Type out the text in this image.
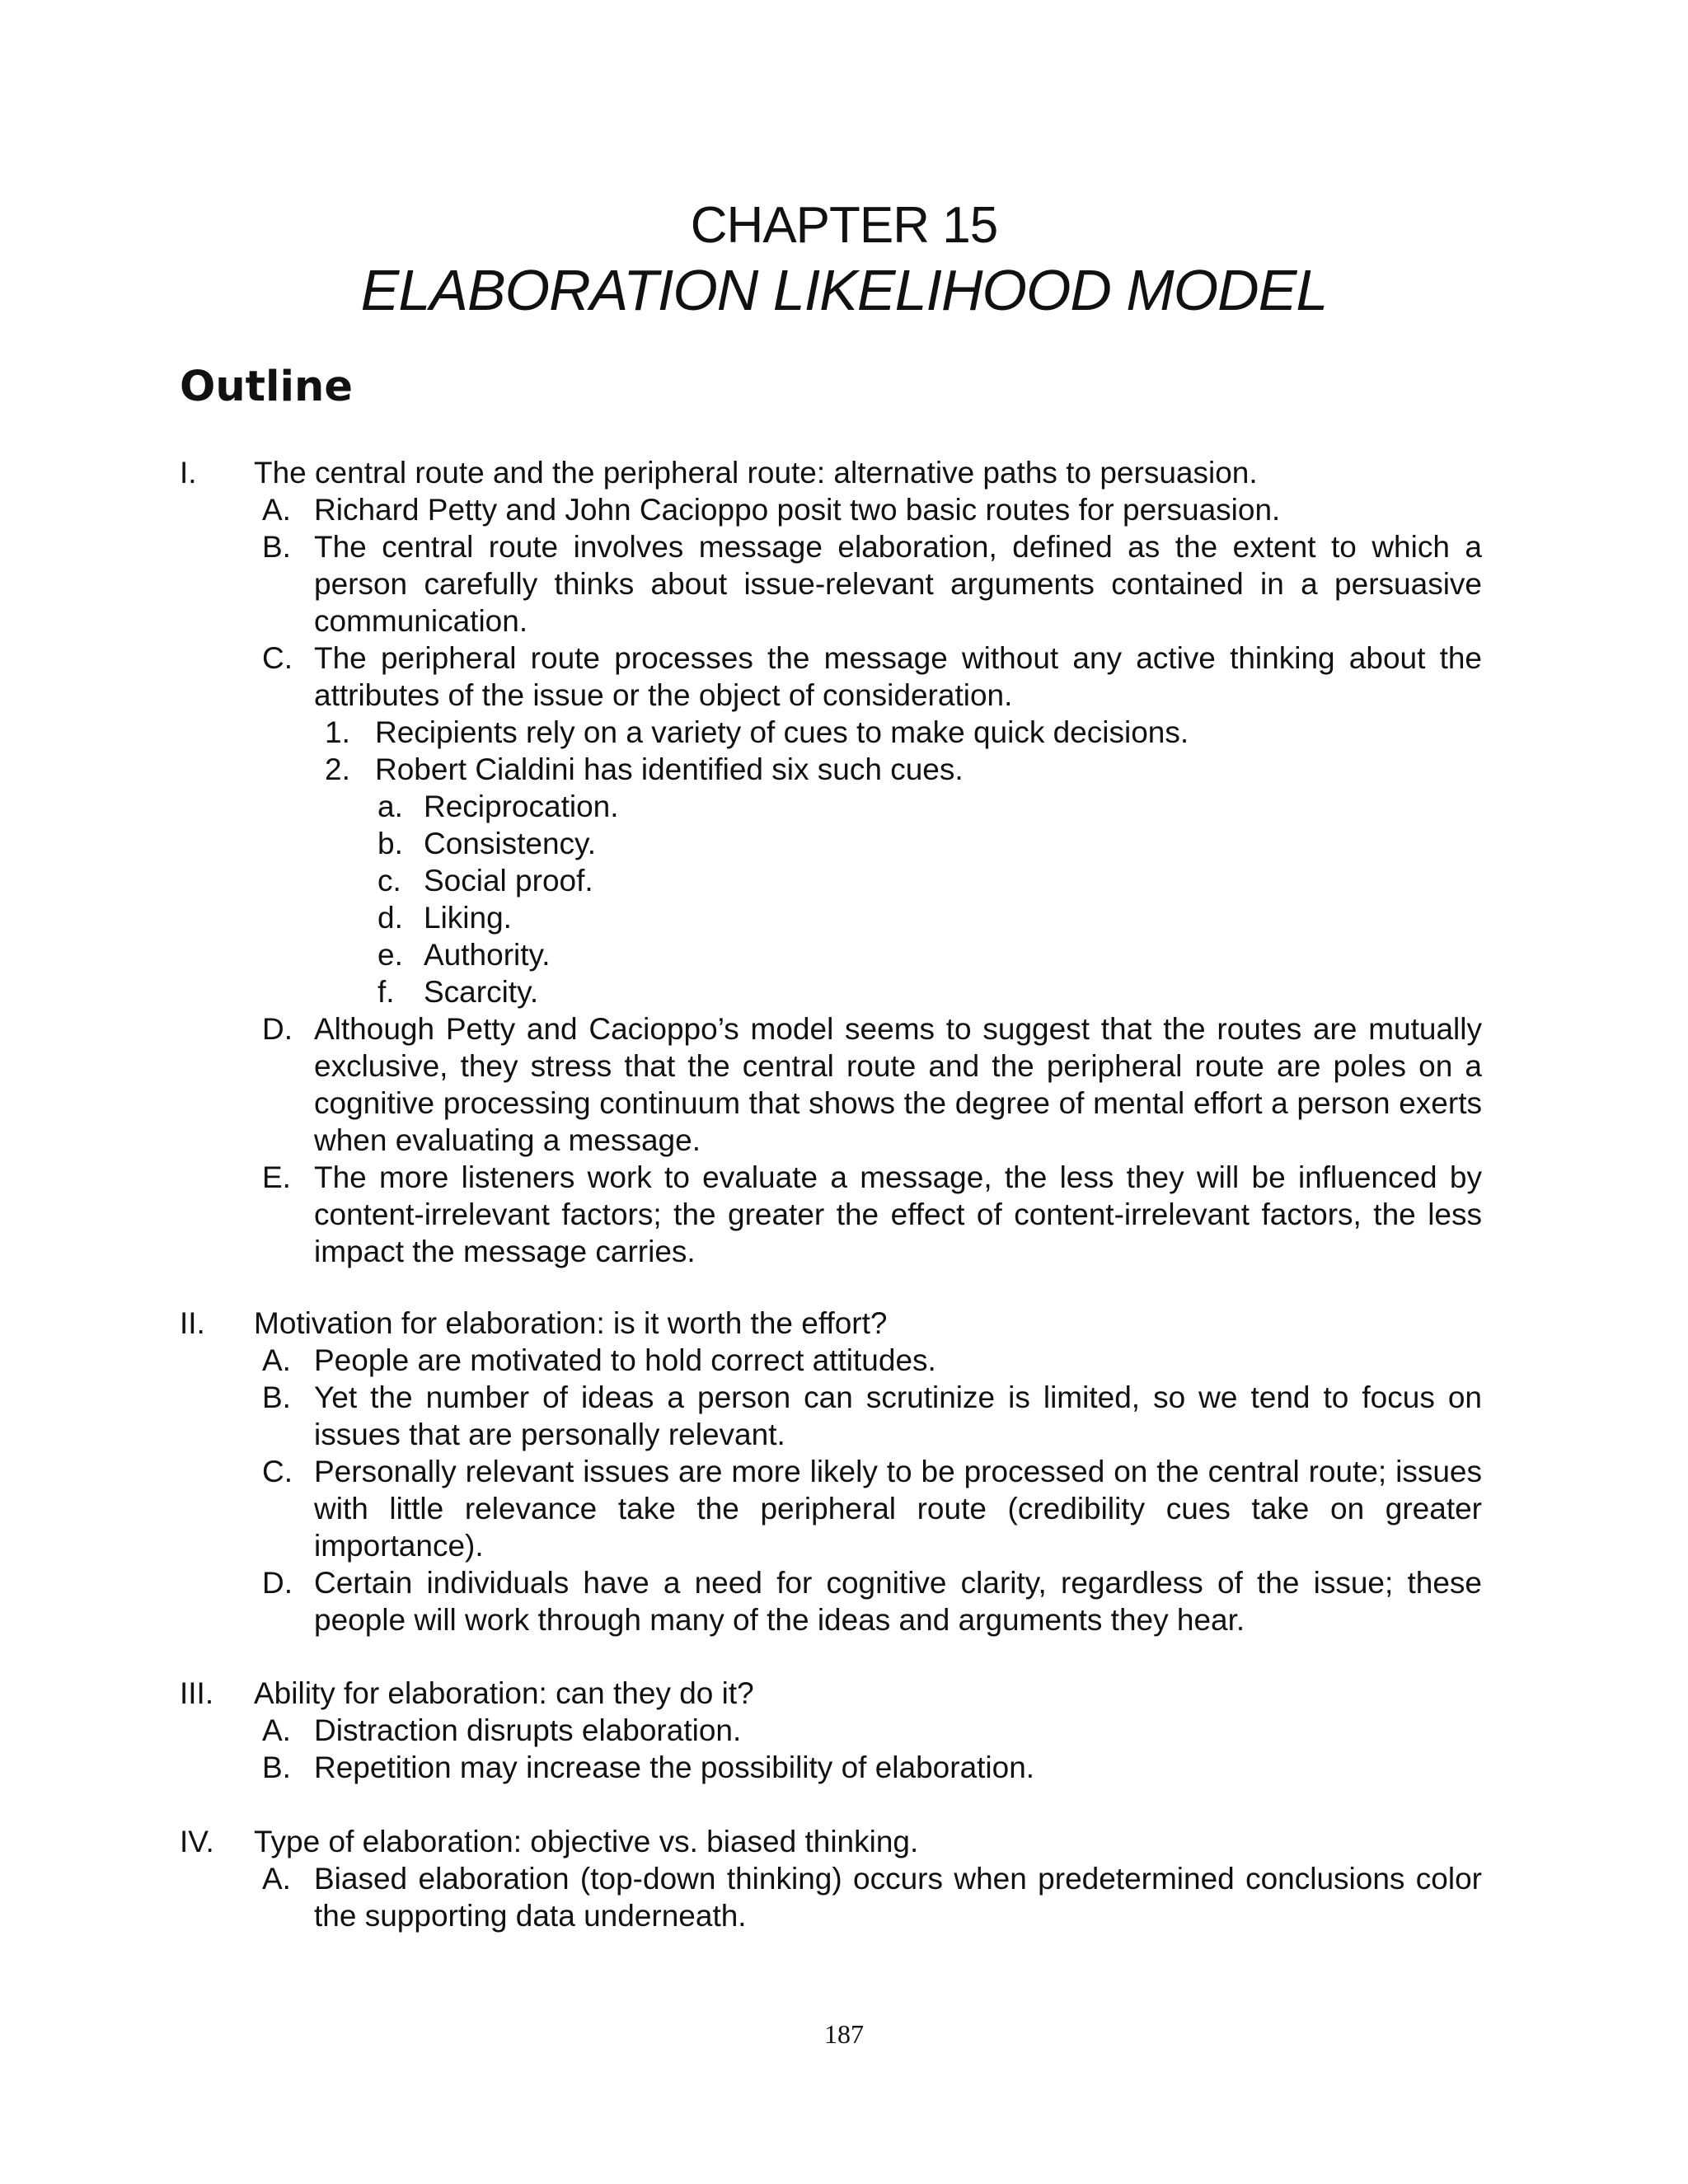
CHAPTER 15
ELABORATION LIKELIHOOD MODEL
Outline
I. The central route and the peripheral route: alternative paths to persuasion.
A. Richard Petty and John Cacioppo posit two basic routes for persuasion.
B. The central route involves message elaboration, defined as the extent to which a person carefully thinks about issue-relevant arguments contained in a persuasive communication.
C. The peripheral route processes the message without any active thinking about the attributes of the issue or the object of consideration.
1. Recipients rely on a variety of cues to make quick decisions.
2. Robert Cialdini has identified six such cues.
a. Reciprocation.
b. Consistency.
c. Social proof.
d. Liking.
e. Authority.
f. Scarcity.
D. Although Petty and Cacioppo’s model seems to suggest that the routes are mutually exclusive, they stress that the central route and the peripheral route are poles on a cognitive processing continuum that shows the degree of mental effort a person exerts when evaluating a message.
E. The more listeners work to evaluate a message, the less they will be influenced by content-irrelevant factors; the greater the effect of content-irrelevant factors, the less impact the message carries.
II. Motivation for elaboration: is it worth the effort?
A. People are motivated to hold correct attitudes.
B. Yet the number of ideas a person can scrutinize is limited, so we tend to focus on issues that are personally relevant.
C. Personally relevant issues are more likely to be processed on the central route; issues with little relevance take the peripheral route (credibility cues take on greater importance).
D. Certain individuals have a need for cognitive clarity, regardless of the issue; these people will work through many of the ideas and arguments they hear.
III. Ability for elaboration: can they do it?
A. Distraction disrupts elaboration.
B. Repetition may increase the possibility of elaboration.
IV. Type of elaboration: objective vs. biased thinking.
A. Biased elaboration (top-down thinking) occurs when predetermined conclusions color the supporting data underneath.
187
